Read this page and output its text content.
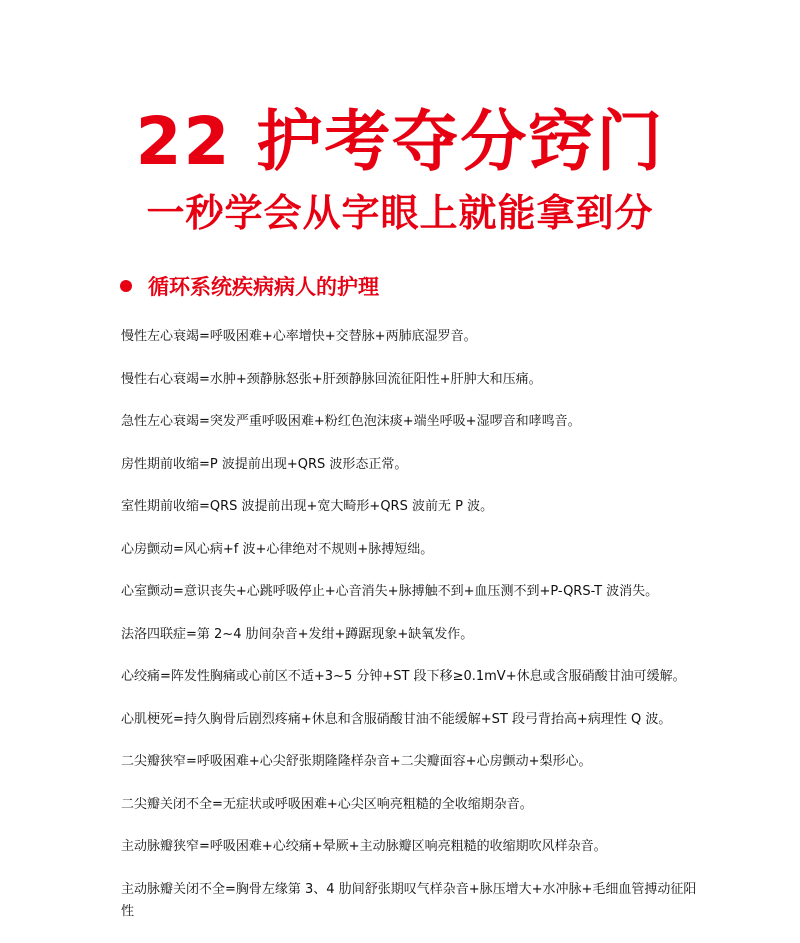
22 护考夺分窍门
一秒学会从字眼上就能拿到分
循环系统疾病病人的护理
慢性左心衰竭=呼吸困难+心率增快+交替脉+两肺底湿罗音。
慢性右心衰竭=水肿+颈静脉怒张+肝颈静脉回流征阳性+肝肿大和压痛。
急性左心衰竭=突发严重呼吸困难+粉红色泡沫痰+端坐呼吸+湿啰音和哮鸣音。
房性期前收缩=P 波提前出现+QRS 波形态正常。
室性期前收缩=QRS 波提前出现+宽大畸形+QRS 波前无 P 波。
心房颤动=风心病+f 波+心律绝对不规则+脉搏短绌。
心室颤动=意识丧失+心跳呼吸停止+心音消失+脉搏触不到+血压测不到+P-QRS-T 波消失。
法洛四联症=第 2~4 肋间杂音+发绀+蹲踞现象+缺氧发作。
心绞痛=阵发性胸痛或心前区不适+3~5 分钟+ST 段下移≥0.1mV+休息或含服硝酸甘油可缓解。
心肌梗死=持久胸骨后剧烈疼痛+休息和含服硝酸甘油不能缓解+ST 段弓背抬高+病理性 Q 波。
二尖瓣狭窄=呼吸困难+心尖舒张期隆隆样杂音+二尖瓣面容+心房颤动+梨形心。
二尖瓣关闭不全=无症状或呼吸困难+心尖区响亮粗糙的全收缩期杂音。
主动脉瓣狭窄=呼吸困难+心绞痛+晕厥+主动脉瓣区响亮粗糙的收缩期吹风样杂音。
主动脉瓣关闭不全=胸骨左缘第 3、4 肋间舒张期叹气样杂音+脉压增大+水冲脉+毛细血管搏动征阳性
